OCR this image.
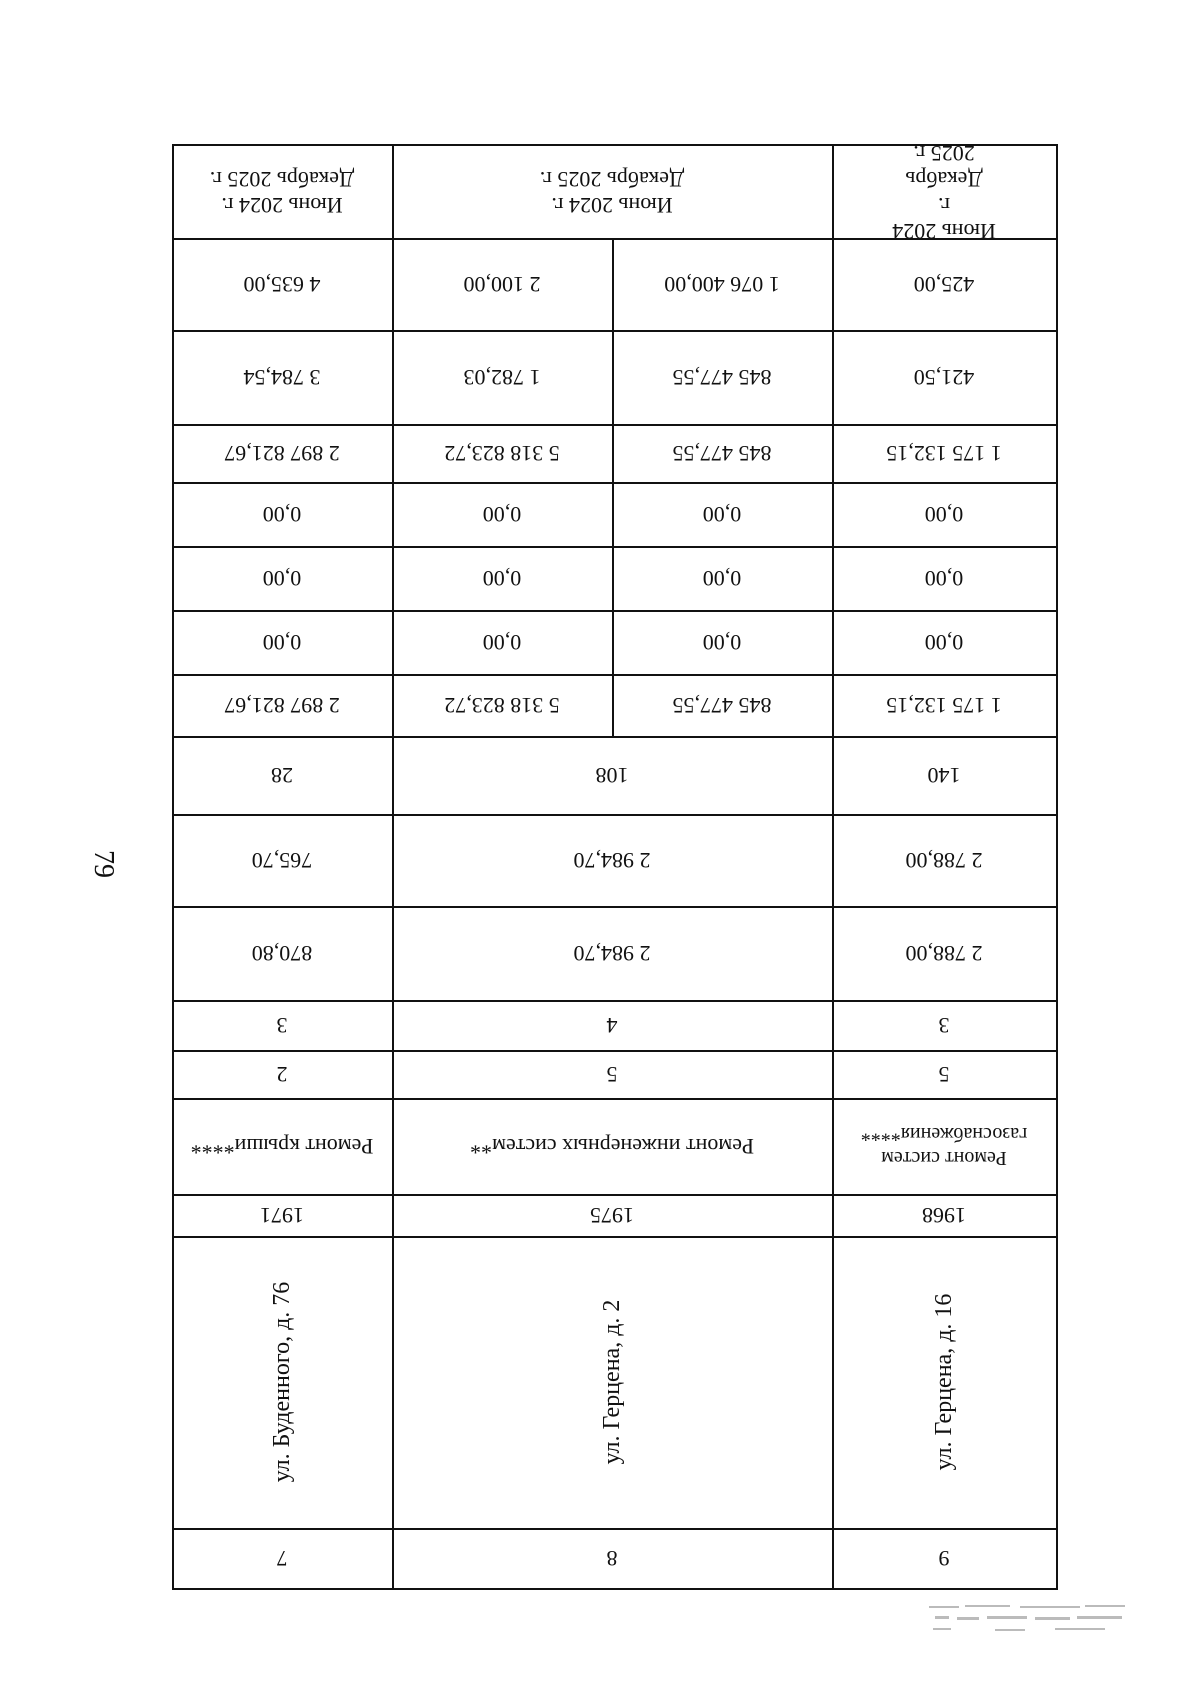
79
Июнь 2024 г.
Декабрь 2025 г.
425,00
421,50
1 175 132,15
0,00
0,00
0,00
1 175 132,15
140
2 788,00
2 788,00
3
5
Ремонт систем
газоснабжения****
1968
ул. Герцена, д. 16
9
Июнь 2024 г.
Декабрь 2025 г.
1 076 400,00
2 100,00
845 477,55
1 782,03
845 477,55
5 318 823,72
0,00
0,00
0,00
0,00
0,00
0,00
845 477,55
5 318 823,72
108
2 984,70
2 984,70
4
5
Ремонт инженерных систем**
1975
ул. Герцена, д. 2
8
Июнь 2024 г.
Декабрь 2025 г.
4 635,00
3 784,54
2 897 821,67
0,00
0,00
0,00
2 897 821,67
28
765,70
870,80
3
2
Ремонт крыши****
1971
ул. Буденного, д. 76
7
